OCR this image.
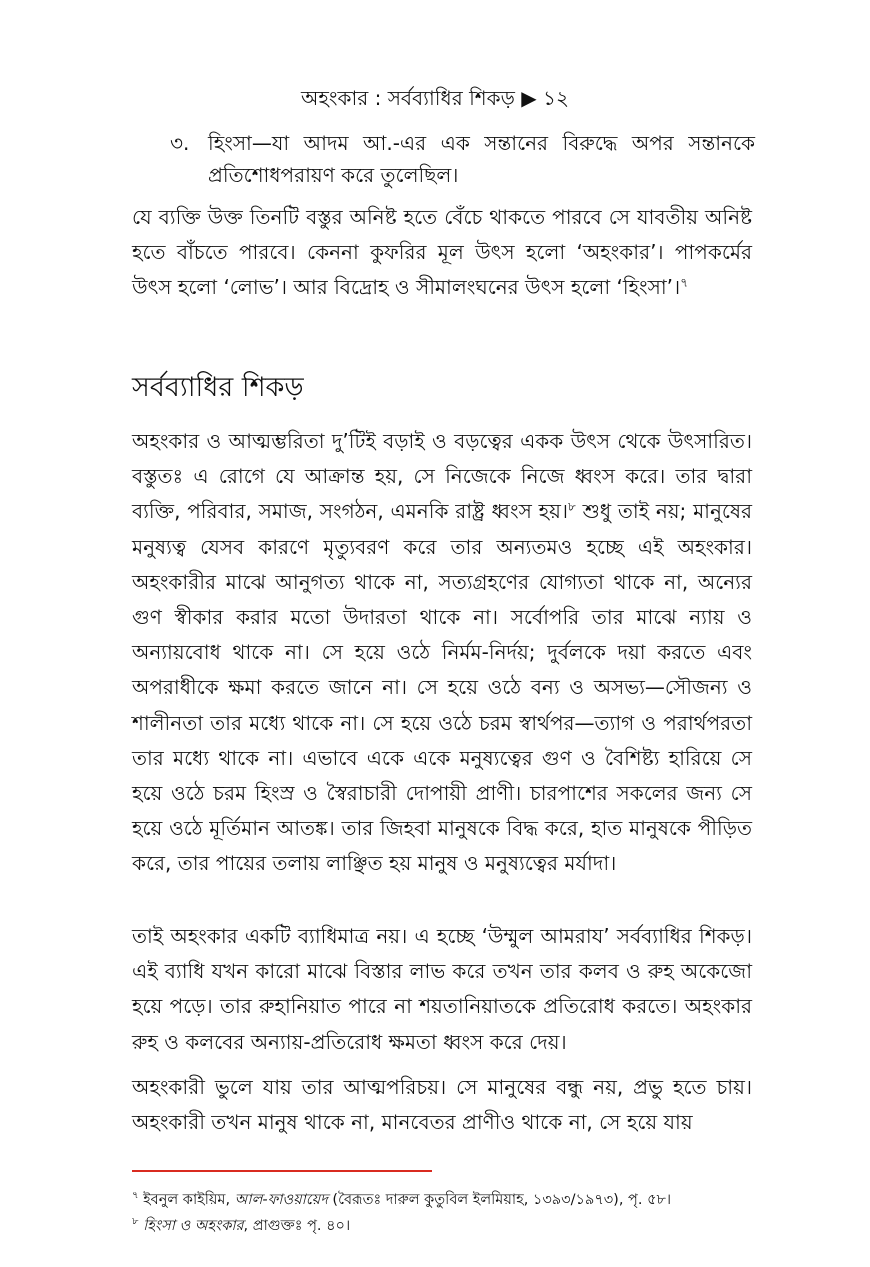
অহংকার : সর্বব্যাধির শিকড় ▶ ১২
৩. হিংসা—যা আদম আ.-এর এক সন্তানের বিরুদ্ধে অপর সন্তানকে প্রতিশোধপরায়ণ করে তুলেছিল।

যে ব্যক্তি উক্ত তিনটি বস্তুর অনিষ্ট হতে বেঁচে থাকতে পারবে সে যাবতীয় অনিষ্ট হতে বাঁচতে পারবে। কেননা কুফরির মূল উৎস হলো ‘অহংকার’। পাপকর্মের উৎস হলো ‘লোভ’। আর বিদ্রোহ ও সীমালংঘনের উৎস হলো ‘হিংসা’।$^৭$

সর্বব্যাধির শিকড়

অহংকার ও আত্মম্ভরিতা দু’টিই বড়াই ও বড়ত্বের একক উৎস থেকে উৎসারিত। বস্তুতঃ এ রোগে যে আক্রান্ত হয়, সে নিজেকে নিজে ধ্বংস করে। তার দ্বারা ব্যক্তি, পরিবার, সমাজ, সংগঠন, এমনকি রাষ্ট্র ধ্বংস হয়।$^৮$ শুধু তাই নয়; মানুষের মনুষ্যত্ব যেসব কারণে মৃত্যুবরণ করে তার অন্যতমও হচ্ছে এই অহংকার। অহংকারীর মাঝে আনুগত্য থাকে না, সত্যগ্রহণের যোগ্যতা থাকে না, অন্যের গুণ স্বীকার করার মতো উদারতা থাকে না। সর্বোপরি তার মাঝে ন্যায় ও অন্যায়বোধ থাকে না। সে হয়ে ওঠে নির্মম-নির্দয়; দুর্বলকে দয়া করতে এবং অপরাধীকে ক্ষমা করতে জানে না। সে হয়ে ওঠে বন্য ও অসভ্য—সৌজন্য ও শালীনতা তার মধ্যে থাকে না। সে হয়ে ওঠে চরম স্বার্থপর—ত্যাগ ও পরার্থপরতা তার মধ্যে থাকে না। এভাবে একে একে মনুষ্যত্বের গুণ ও বৈশিষ্ট্য হারিয়ে সে হয়ে ওঠে চরম হিংস্র ও স্বৈরাচারী দোপায়ী প্রাণী। চারপাশের সকলের জন্য সে হয়ে ওঠে মূর্তিমান আতঙ্ক। তার জিহবা মানুষকে বিদ্ধ করে, হাত মানুষকে পীড়িত করে, তার পায়ের তলায় লাঞ্ছিত হয় মানুষ ও মনুষ্যত্বের মর্যাদা।

তাই অহংকার একটি ব্যাধিমাত্র নয়। এ হচ্ছে ‘উম্মুল আমরায’ সর্বব্যাধির শিকড়। এই ব্যাধি যখন কারো মাঝে বিস্তার লাভ করে তখন তার কলব ও রুহ অকেজো হয়ে পড়ে। তার রুহানিয়াত পারে না শয়তানিয়াতকে প্রতিরোধ করতে। অহংকার রুহ ও কলবের অন্যায়-প্রতিরোধ ক্ষমতা ধ্বংস করে দেয়।

অহংকারী ভুলে যায় তার আত্মপরিচয়। সে মানুষের বন্ধু নয়, প্রভু হতে চায়। অহংকারী তখন মানুষ থাকে না, মানবেতর প্রাণীও থাকে না, সে হয়ে যায়

$^৭$ ইবনুল কাইয়িম, আল-ফাওয়ায়েদ (বৈরূতঃ দারুল কুতুবিল ইলমিয়াহ, ১৩৯৩/১৯৭৩), পৃ. ৫৮।
$^৮$ হিংসা ও অহংকার, প্রাগুক্তঃ পৃ. ৪০।
